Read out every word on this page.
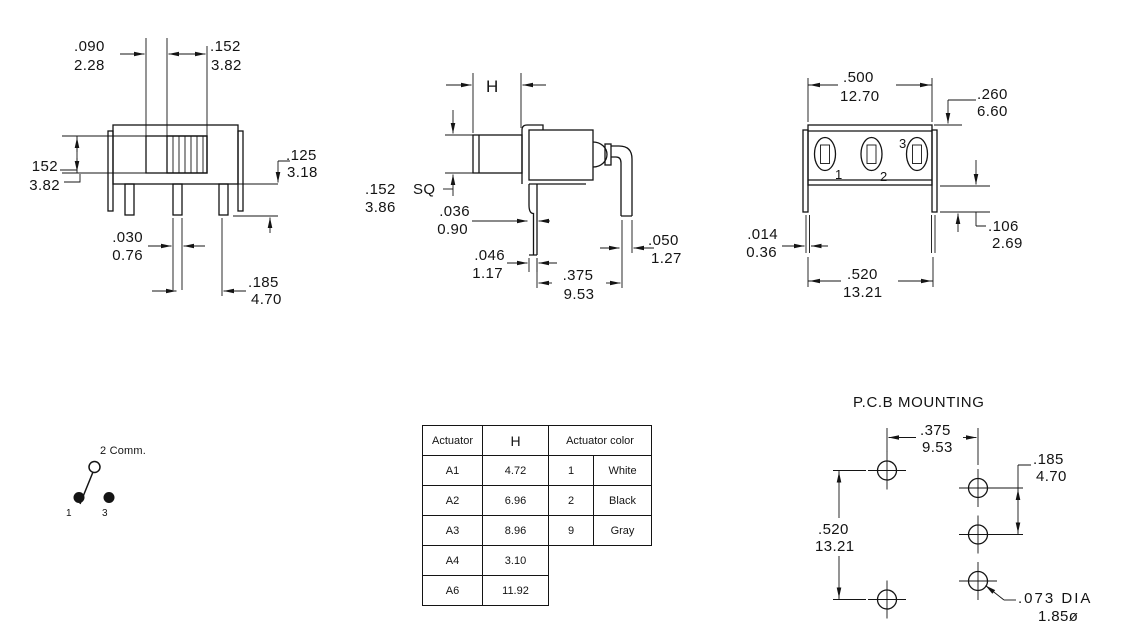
.090
2.28
.152
3.82
152
3.82
.125
3.18
.030
0.76
.185
4.70
H
.152 SQ
3.86	.036
0.90
.046
1.17	.375
9.53
.050
1.27
1	2
3
.500
12.70	.260
6.60
.106
2.69
.014
0.36
.520
13.21
2 Comm.
1	3
P.C.B MOUNTING
.375
9.53
.185
4.70
.520
13.21
.073 DIA
1.85ø
Actuator	H	Actuator color	
A1	4.72	1	White
A2	6.96	2	Black
A3	8.96	9	Gray
A4	3.10		
A6	11.92		
